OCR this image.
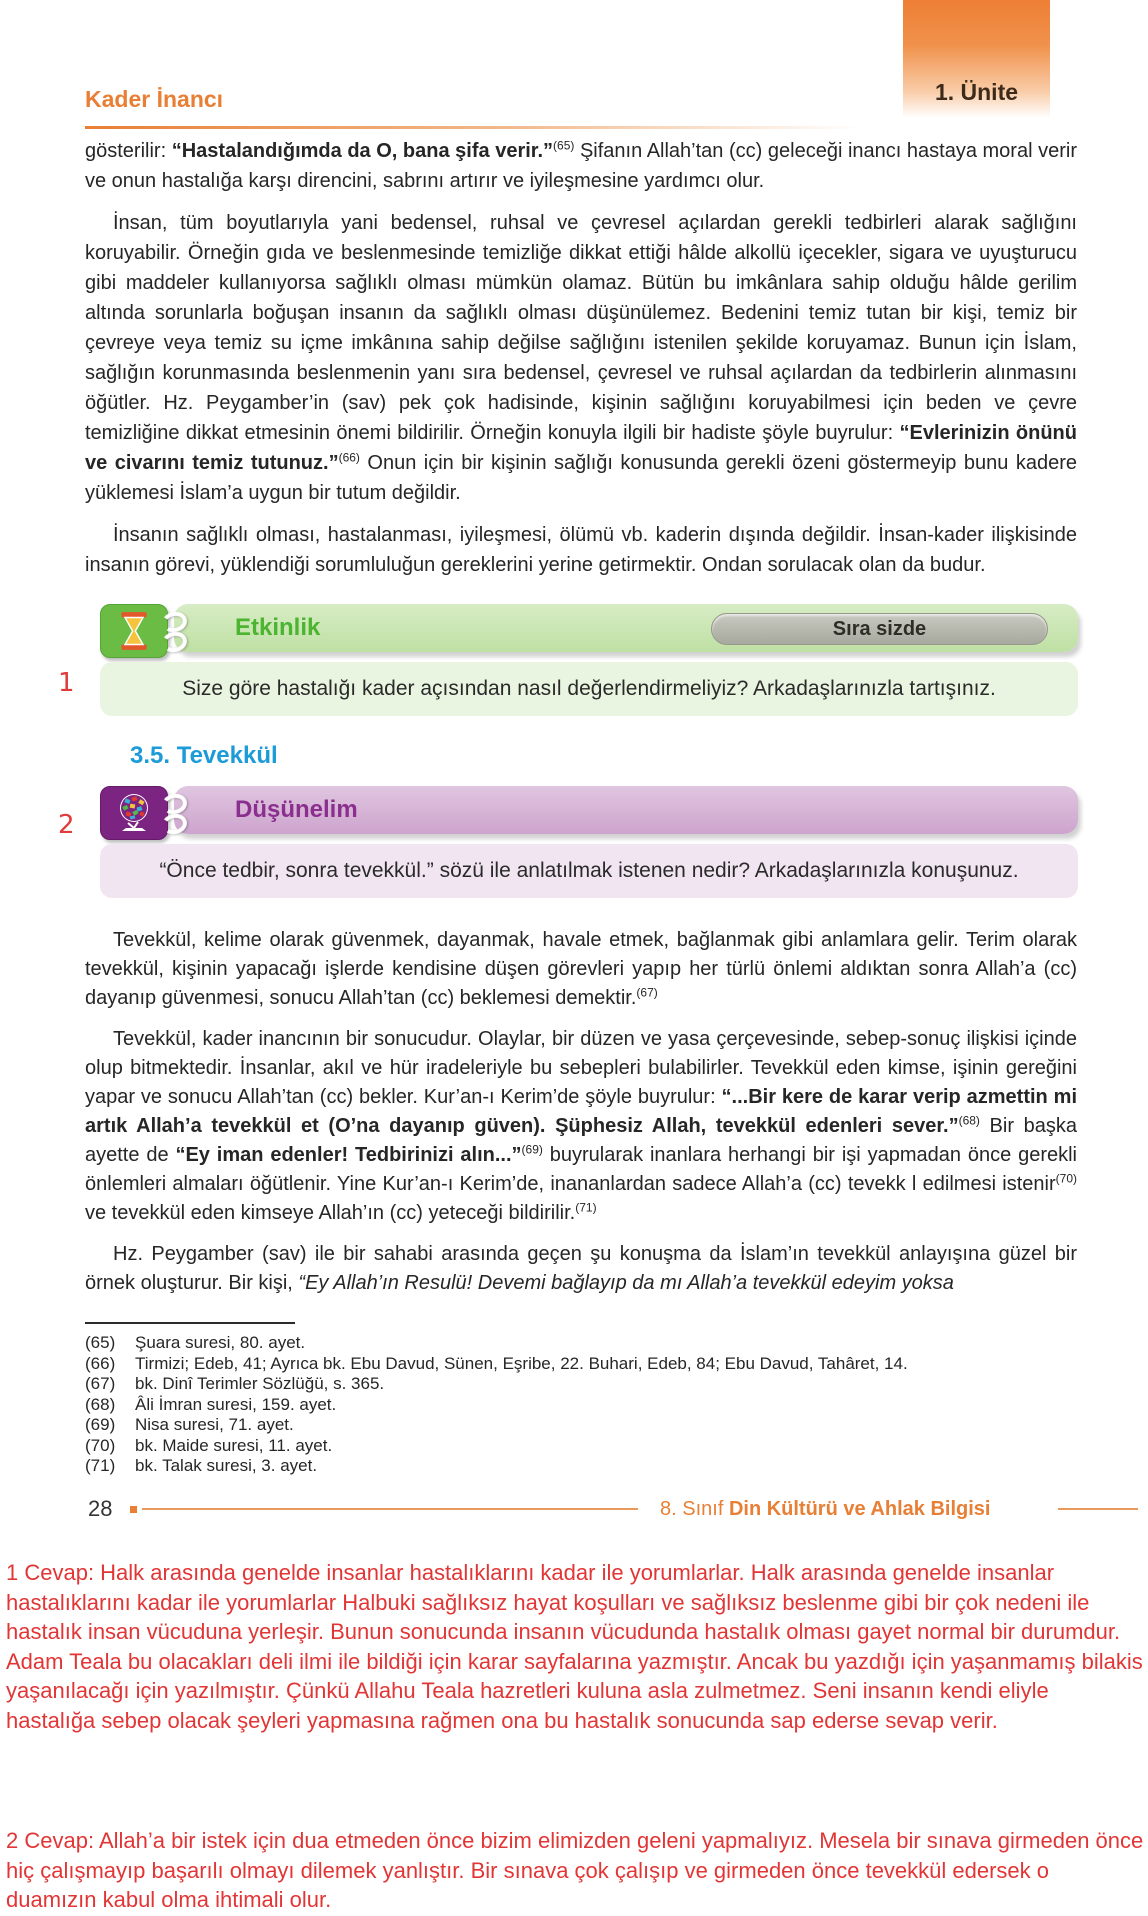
Kader İnancı	1. Ünite

gösterilir: “Hastalandığımda da O, bana şifa verir.”$^{(65)}$ Şifanın Allah’tan (cc) geleceği inancı hastaya moral verir ve onun hastalığa karşı direncini, sabrını artırır ve iyileşmesine yardımcı olur.

İnsan, tüm boyutlarıyla yani bedensel, ruhsal ve çevresel açılardan gerekli tedbirleri alarak sağlığını koruyabilir. Örneğin gıda ve beslenmesinde temizliğe dikkat ettiği hâlde alkollü içecekler, sigara ve uyuşturucu gibi maddeler kullanıyorsa sağlıklı olması mümkün olamaz. Bütün bu imkânlara sahip olduğu hâlde gerilim altında sorunlarla boğuşan insanın da sağlıklı olması düşünülemez. Bedenini temiz tutan bir kişi, temiz bir çevreye veya temiz su içme imkânına sahip değilse sağlığını istenilen şekilde koruyamaz. Bunun için İslam, sağlığın korunmasında beslenmenin yanı sıra bedensel, çevresel ve ruhsal açılardan da tedbirlerin alınmasını öğütler. Hz. Peygamber’in (sav) pek çok hadisinde, kişinin sağlığını koruyabilmesi için beden ve çevre temizliğine dikkat etmesinin önemi bildirilir. Örneğin konuyla ilgili bir hadiste şöyle buyrulur: “Evlerinizin önünü ve civarını temiz tutunuz.”$^{(66)}$ Onun için bir kişinin sağlığı konusunda gerekli özeni göstermeyip bunu kadere yüklemesi İslam’a uygun bir tutum değildir.

İnsanın sağlıklı olması, hastalanması, iyileşmesi, ölümü vb. kaderin dışında değildir. İnsan-kader ilişkisinde insanın görevi, yüklendiği sorumluluğun gereklerini yerine getirmektir. Ondan sorulacak olan da budur.

Etkinlik	Sıra sizde
Size göre hastalığı kader açısından nasıl değerlendirmeliyiz? Arkadaşlarınızla tartışınız.
1
3.5. Tevekkül
Düşünelim
“Önce tedbir, sonra tevekkül.” sözü ile anlatılmak istenen nedir? Arkadaşlarınızla konuşunuz.
2

Tevekkül, kelime olarak güvenmek, dayanmak, havale etmek, bağlanmak gibi anlamlara gelir. Terim olarak tevekkül, kişinin yapacağı işlerde kendisine düşen görevleri yapıp her türlü önlemi aldıktan sonra Allah’a (cc) dayanıp güvenmesi, sonucu Allah’tan (cc) beklemesi demektir.$^{(67)}$

Tevekkül, kader inancının bir sonucudur. Olaylar, bir düzen ve yasa çerçevesinde, sebep-sonuç ilişkisi içinde olup bitmektedir. İnsanlar, akıl ve hür iradeleriyle bu sebepleri bulabilirler. Tevekkül eden kimse, işinin gereğini yapar ve sonucu Allah’tan (cc) bekler. Kur’an-ı Kerim’de şöyle buyrulur: “...Bir kere de karar verip azmettin mi artık Allah’a tevekkül et (O’na dayanıp güven). Şüphesiz Allah, tevekkül edenleri sever.”$^{(68)}$ Bir başka ayette de “Ey iman edenler! Tedbirinizi alın...”$^{(69)}$ buyrularak inanlara herhangi bir işi yapmadan önce gerekli önlemleri almaları öğütlenir. Yine Kur’an-ı Kerim’de, inananlardan sadece Allah’a (cc) tevekk l edilmesi istenir$^{(70)}$ ve tevekkül eden kimseye Allah’ın (cc) yeteceği bildirilir.$^{(71)}$

Hz. Peygamber (sav) ile bir sahabi arasında geçen şu konuşma da İslam’ın tevekkül anlayışına güzel bir örnek oluşturur. Bir kişi, “Ey Allah’ın Resulü! Devemi bağlayıp da mı Allah’a tevekkül edeyim yoksa

(65)	Şuara suresi, 80. ayet.
(66)	Tirmizi; Edeb, 41; Ayrıca bk. Ebu Davud, Sünen, Eşribe, 22. Buhari, Edeb, 84; Ebu Davud, Tahâret, 14.
(67)	bk. Dinî Terimler Sözlüğü, s. 365.
(68)	Âli İmran suresi, 159. ayet.
(69)	Nisa suresi, 71. ayet.
(70)	bk. Maide suresi, 11. ayet.
(71)	bk. Talak suresi, 3. ayet.
28	8. Sınıf Din Kültürü ve Ahlak Bilgisi
1 Cevap: Halk arasında genelde insanlar hastalıklarını kadar ile yorumlarlar. Halk arasında genelde insanlar hastalıklarını kadar ile yorumlarlar Halbuki sağlıksız hayat koşulları ve sağlıksız beslenme gibi bir çok nedeni ile hastalık insan vücuduna yerleşir. Bunun sonucunda insanın vücudunda hastalık olması gayet normal bir durumdur. Adam Teala bu olacakları deli ilmi ile bildiği için karar sayfalarına yazmıştır. Ancak bu yazdığı için yaşanmamış bilakis yaşanılacağı için yazılmıştır. Çünkü Allahu Teala hazretleri kuluna asla zulmetmez. Seni insanın kendi eliyle hastalığa sebep olacak şeyleri yapmasına rağmen ona bu hastalık sonucunda sap ederse sevap verir.
2 Cevap: Allah’a bir istek için dua etmeden önce bizim elimizden geleni yapmalıyız. Mesela bir sınava girmeden önce hiç çalışmayıp başarılı olmayı dilemek yanlıştır. Bir sınava çok çalışıp ve girmeden önce tevekkül edersek o duamızın kabul olma ihtimali olur.
